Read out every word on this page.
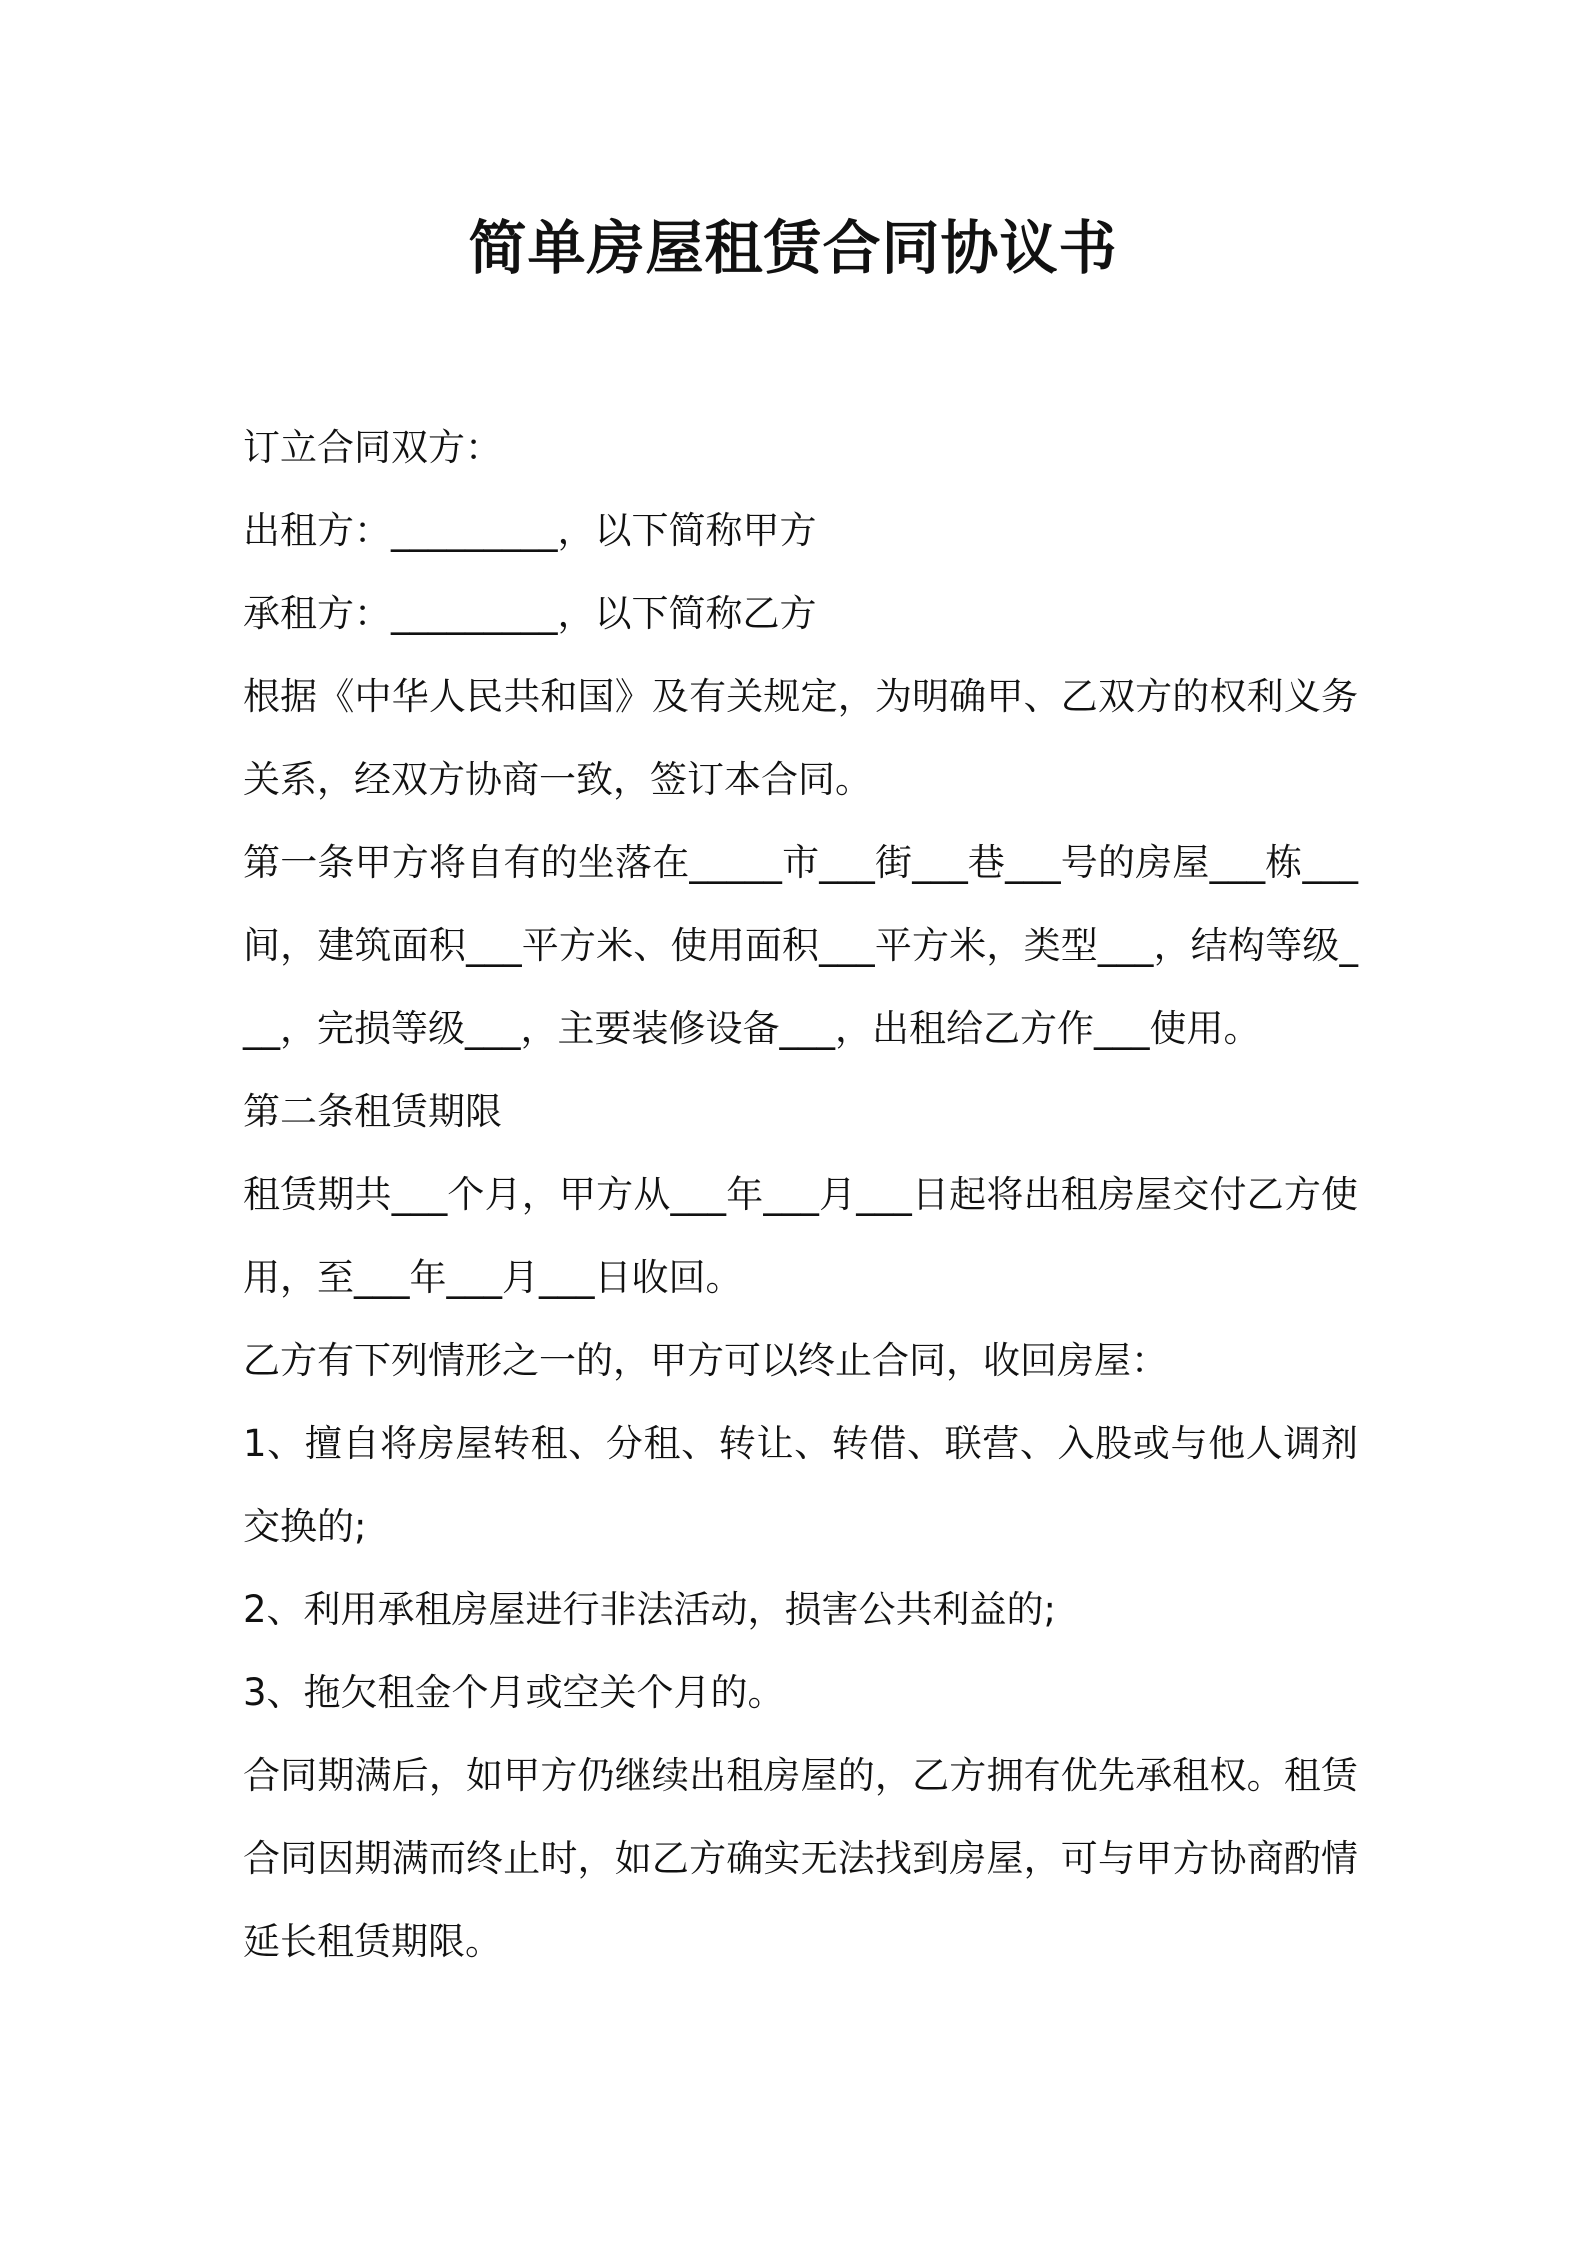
简单房屋租赁合同协议书

订立合同双方：

出租方：_________，以下简称甲方

承租方：_________，以下简称乙方

根据《中华人民共和国》及有关规定，为明确甲、乙双方的权利义务关系，经双方协商一致，签订本合同。

第一条甲方将自有的坐落在_____市___街___巷___号的房屋___栋___间，建筑面积___平方米、使用面积___平方米，类型___，结构等级___，完损等级___，主要装修设备___，出租给乙方作___使用。

第二条租赁期限

租赁期共___个月，甲方从___年___月___日起将出租房屋交付乙方使用，至___年___月___日收回。

乙方有下列情形之一的，甲方可以终止合同，收回房屋：

1、擅自将房屋转租、分租、转让、转借、联营、入股或与他人调剂交换的;

2、利用承租房屋进行非法活动，损害公共利益的;

3、拖欠租金个月或空关个月的。

合同期满后，如甲方仍继续出租房屋的，乙方拥有优先承租权。租赁合同因期满而终止时，如乙方确实无法找到房屋，可与甲方协商酌情延长租赁期限。
